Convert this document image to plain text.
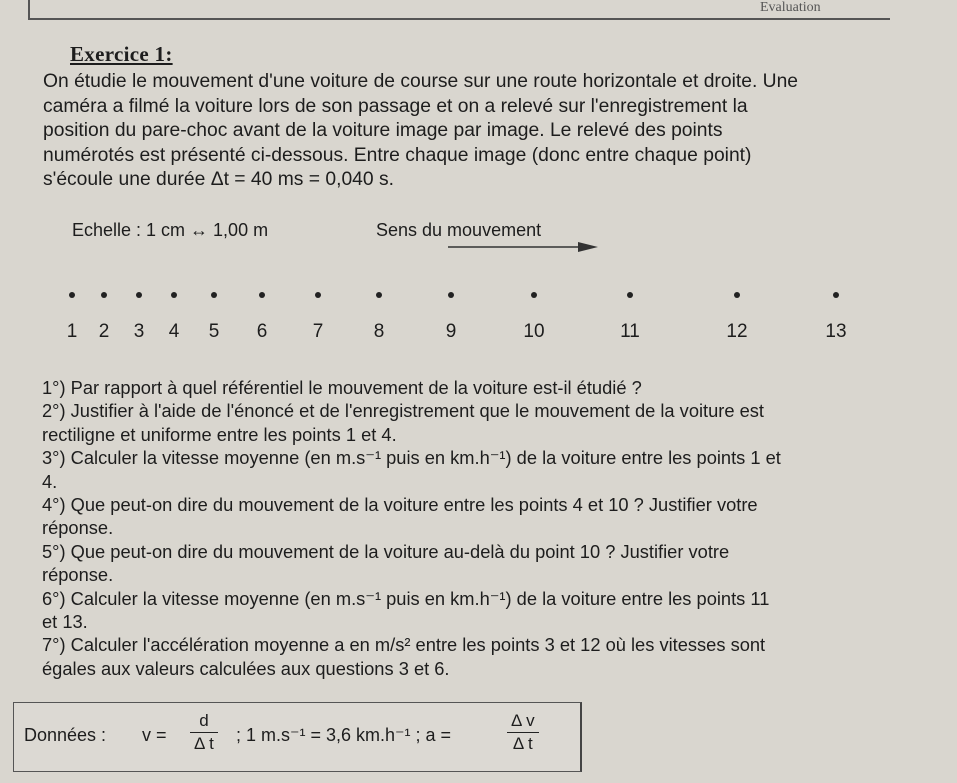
Evaluation
Exercice 1:
On étudie le mouvement d'une voiture de course sur une route horizontale et droite. Une
caméra a filmé la voiture lors de son passage et on a relevé sur l'enregistrement la
position du pare-choc avant de la voiture image par image. Le relevé des points
numérotés est présenté ci-dessous. Entre chaque image (donc entre chaque point)
s'écoule une durée Δt = 40 ms = 0,040 s.
Echelle : 1 cm ↔ 1,00 m	Sens du mouvement
1 2 3 4 5 6 7	8	9	10	11	12	13
1°) Par rapport à quel référentiel le mouvement de la voiture est-il étudié ?
2°) Justifier à l'aide de l'énoncé et de l'enregistrement que le mouvement de la voiture est
rectiligne et uniforme entre les points 1 et 4.
3°) Calculer la vitesse moyenne (en m.s⁻¹ puis en km.h⁻¹) de la voiture entre les points 1 et
4.
4°) Que peut-on dire du mouvement de la voiture entre les points 4 et 10 ? Justifier votre
réponse.
5°) Que peut-on dire du mouvement de la voiture au-delà du point 10 ? Justifier votre
réponse.
6°) Calculer la vitesse moyenne (en m.s⁻¹ puis en km.h⁻¹) de la voiture entre les points 11
et 13.
7°) Calculer l'accélération moyenne a en m/s² entre les points 3 et 12 où les vitesses sont
égales aux valeurs calculées aux questions 3 et 6.
Données : v =
d
Δ t ; 1 m.s⁻¹ = 3,6 km.h⁻¹ ; a =
Δ v
Δ t
